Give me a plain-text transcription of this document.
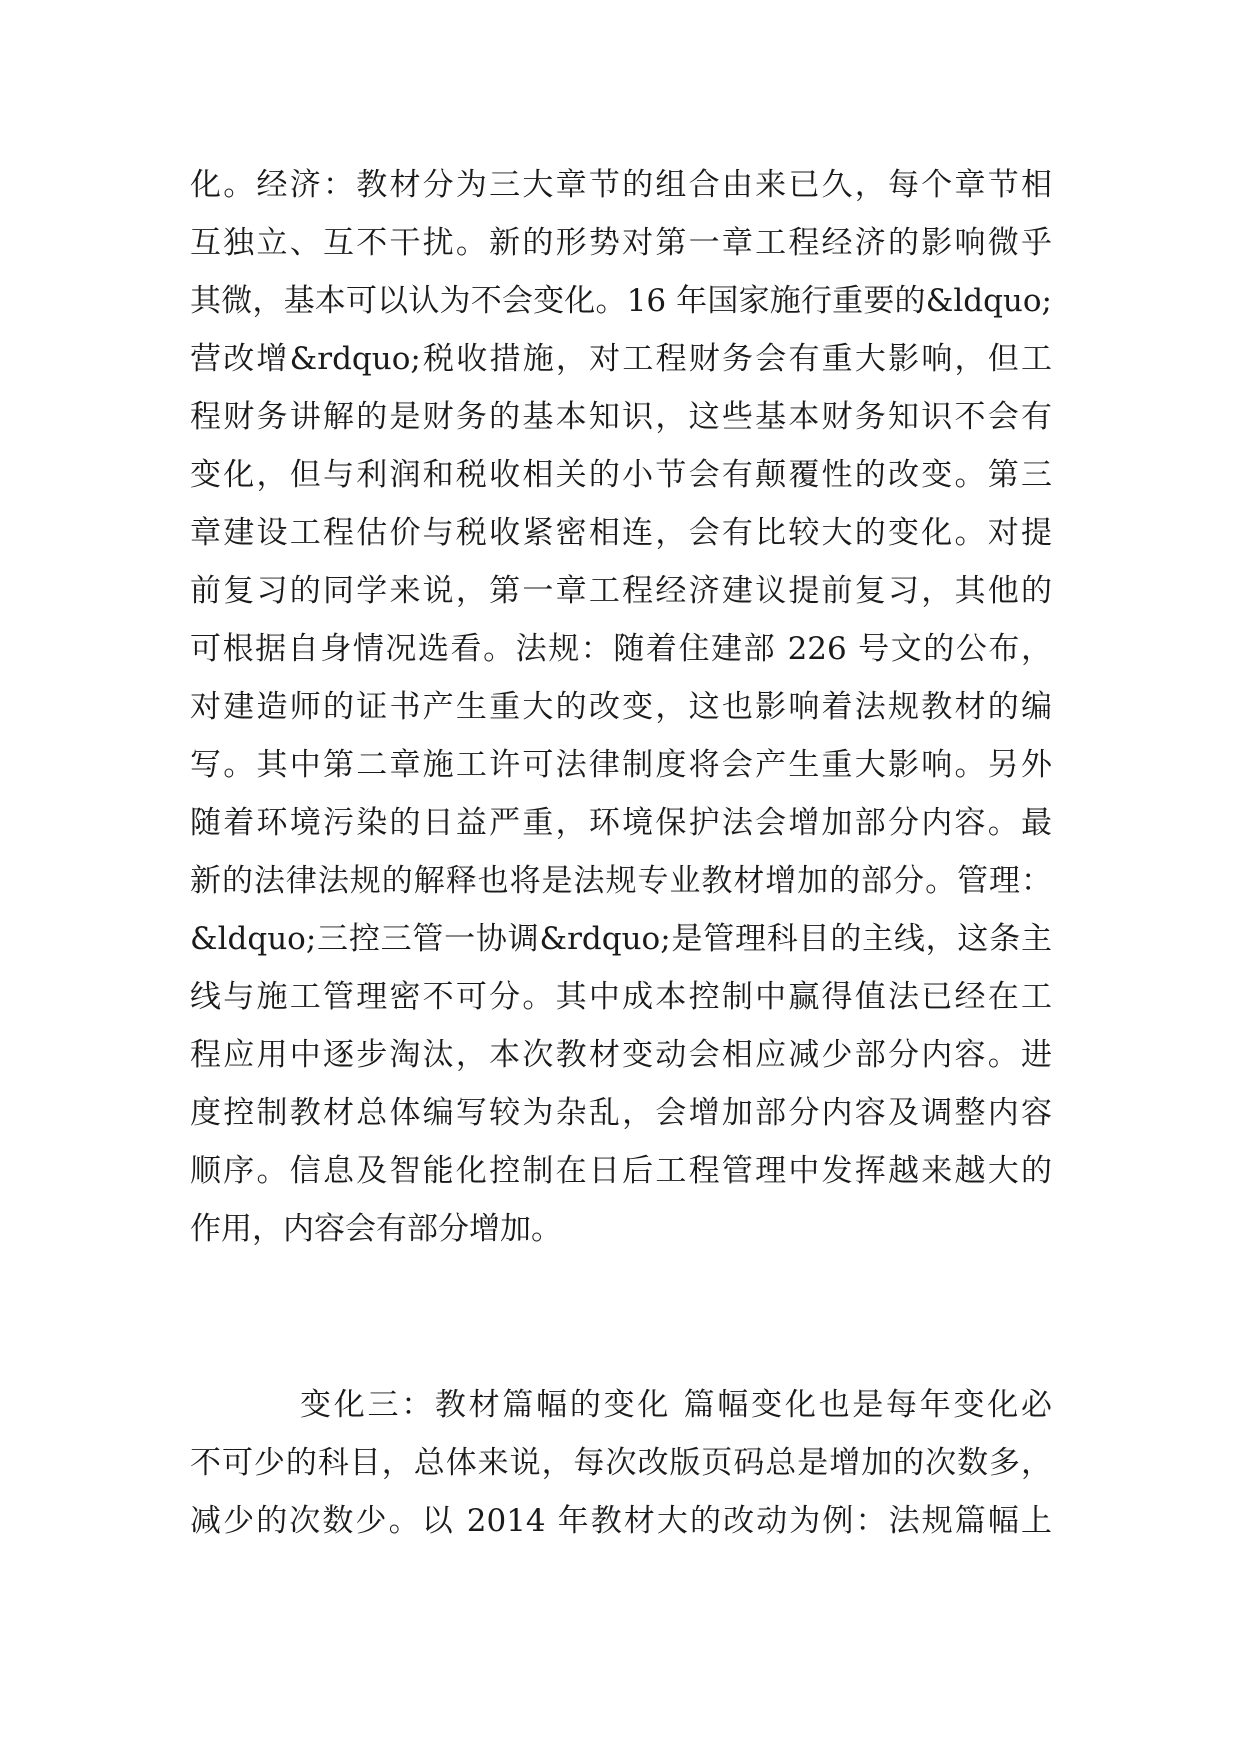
化。经济：教材分为三大章节的组合由来已久，每个章节相
互独立、互不干扰。新的形势对第一章工程经济的影响微乎
其微，基本可以认为不会变化。16 年国家施行重要的&ldquo;
营改增&rdquo;税收措施，对工程财务会有重大影响，但工
程财务讲解的是财务的基本知识，这些基本财务知识不会有
变化，但与利润和税收相关的小节会有颠覆性的改变。第三
章建设工程估价与税收紧密相连，会有比较大的变化。对提
前复习的同学来说，第一章工程经济建议提前复习，其他的
可根据自身情况选看。法规：随着住建部 226 号文的公布，
对建造师的证书产生重大的改变，这也影响着法规教材的编
写。其中第二章施工许可法律制度将会产生重大影响。另外
随着环境污染的日益严重，环境保护法会增加部分内容。最
新的法律法规的解释也将是法规专业教材增加的部分。管理：
&ldquo;三控三管一协调&rdquo;是管理科目的主线，这条主
线与施工管理密不可分。其中成本控制中赢得值法已经在工
程应用中逐步淘汰，本次教材变动会相应减少部分内容。进
度控制教材总体编写较为杂乱，会增加部分内容及调整内容
顺序。信息及智能化控制在日后工程管理中发挥越来越大的
作用，内容会有部分增加。
变化三：教材篇幅的变化 篇幅变化也是每年变化必
不可少的科目，总体来说，每次改版页码总是增加的次数多，
减少的次数少。以 2014 年教材大的改动为例：法规篇幅上
